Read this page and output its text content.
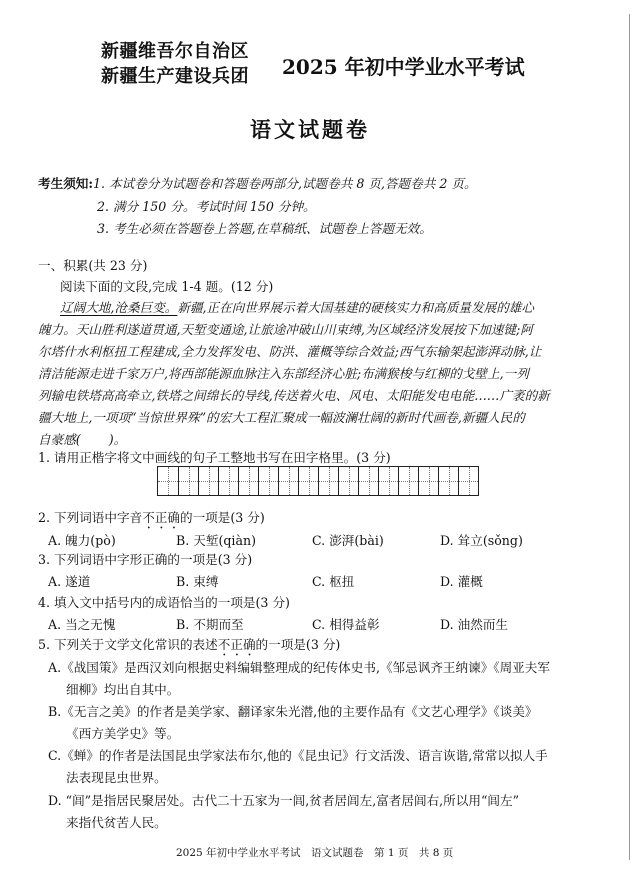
新疆维吾尔自治区
新疆生产建设兵团 2025 年初中学业水平考试
语文试题卷
考生须知:1. 本试卷分为试题卷和答题卷两部分,试题卷共 8 页,答题卷共 2 页。
2. 满分 150 分。考试时间 150 分钟。
3. 考生必须在答题卷上答题,在草稿纸、试题卷上答题无效。
一、积累(共 23 分)
阅读下面的文段,完成 1-4 题。(12 分)
辽阔大地,沧桑巨变。新疆,正在向世界展示着大国基建的硬核实力和高质量发展的雄心
魄力。天山胜利遂道贯通,天堑变通途,让旅途冲破山川束缚,为区域经济发展按下加速键;阿
尔塔什水利枢扭工程建成,全力发挥发电、防洪、灌概等综合效益;西气东输架起澎湃动脉,让
清洁能源走进千家万户,将西部能源血脉注入东部经济心脏;布满猴梭与红柳的戈壁上,一列
列输电铁塔高高牵立,铁塔之间绵长的导线,传送着火电、风电、太阳能发电电能……广袤的新
疆大地上,一项项“当惊世界殊”的宏大工程汇聚成一幅波澜壮阔的新时代画卷,新疆人民的
自豪感( )。
1. 请用正楷字将文中画线的句子工整地书写在田字格里。(3 分)
2. 下列词语中字音不正确的一项是(3 分)
A. 魄力(pò)	B. 天堑(qiàn)	C. 澎湃(bài)	D. 耸立(sǒng)
3. 下列词语中字形正确的一项是(3 分)
A. 遂道	B. 束缚	C. 枢扭	D. 灌概
4. 填入文中括号内的成语恰当的一项是(3 分)
A. 当之无愧	B. 不期而至	C. 相得益彰	D. 油然而生
5. 下列关于文学文化常识的表述不正确的一项是(3 分)
A.《战国策》是西汉刘向根据史料编辑整理成的纪传体史书,《邹忌讽齐王纳谏》《周亚夫军
细柳》均出自其中。
B.《无言之美》的作者是美学家、翻译家朱光潜,他的主要作品有《文艺心理学》《谈美》
《西方美学史》等。
C.《蝉》的作者是法国昆虫学家法布尔,他的《昆虫记》行文活泼、语言诙谐,常常以拟人手
法表现昆虫世界。
D. “闾”是指居民聚居处。古代二十五家为一闾,贫者居闾左,富者居闾右,所以用“闾左”
来指代贫苦人民。
2025 年初中学业水平考试　语文试题卷　第 1 页　共 8 页
